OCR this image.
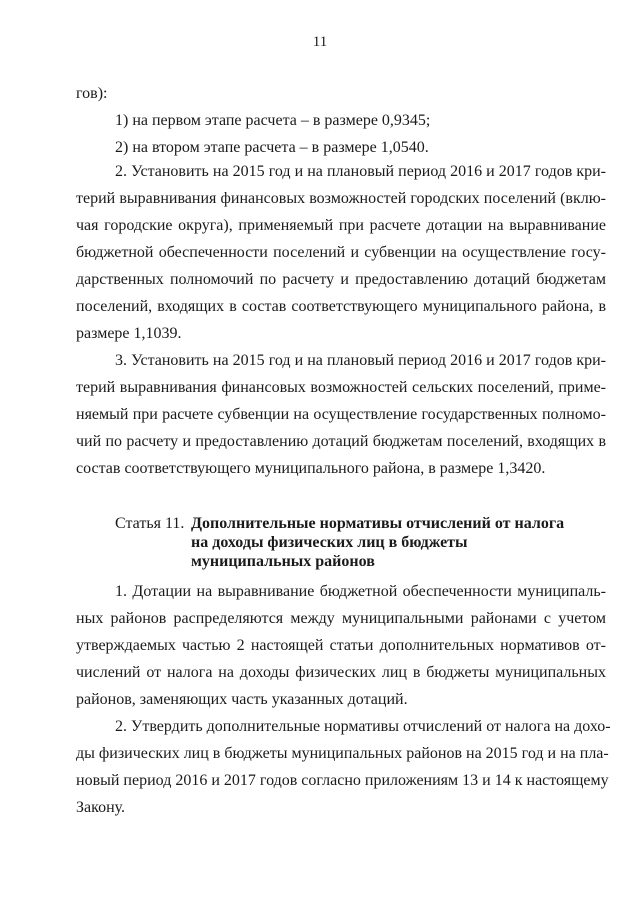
11
гов):
1) на первом этапе расчета – в размере 0,9345;
2) на втором этапе расчета – в размере 1,0540.
2. Установить на 2015 год и на плановый период 2016 и 2017 годов кри-
терий выравнивания финансовых возможностей городских поселений (вклю-
чая городские округа), применяемый при расчете дотации на выравнивание
бюджетной обеспеченности поселений и субвенции на осуществление госу-
дарственных полномочий по расчету и предоставлению дотаций бюджетам
поселений, входящих в состав соответствующего муниципального района, в
размере 1,1039.
3. Установить на 2015 год и на плановый период 2016 и 2017 годов кри-
терий выравнивания финансовых возможностей сельских поселений, приме-
няемый при расчете субвенции на осуществление государственных полномо-
чий по расчету и предоставлению дотаций бюджетам поселений, входящих в
состав соответствующего муниципального района, в размере 1,3420.
Статья 11. Дополнительные нормативы отчислений от налога
на доходы физических лиц в бюджеты
муниципальных районов
1. Дотации на выравнивание бюджетной обеспеченности муниципаль-
ных районов распределяются между муниципальными районами с учетом
утверждаемых частью 2 настоящей статьи дополнительных нормативов от-
числений от налога на доходы физических лиц в бюджеты муниципальных
районов, заменяющих часть указанных дотаций.
2. Утвердить дополнительные нормативы отчислений от налога на дохо-
ды физических лиц в бюджеты муниципальных районов на 2015 год и на пла-
новый период 2016 и 2017 годов согласно приложениям 13 и 14 к настоящему
Закону.
